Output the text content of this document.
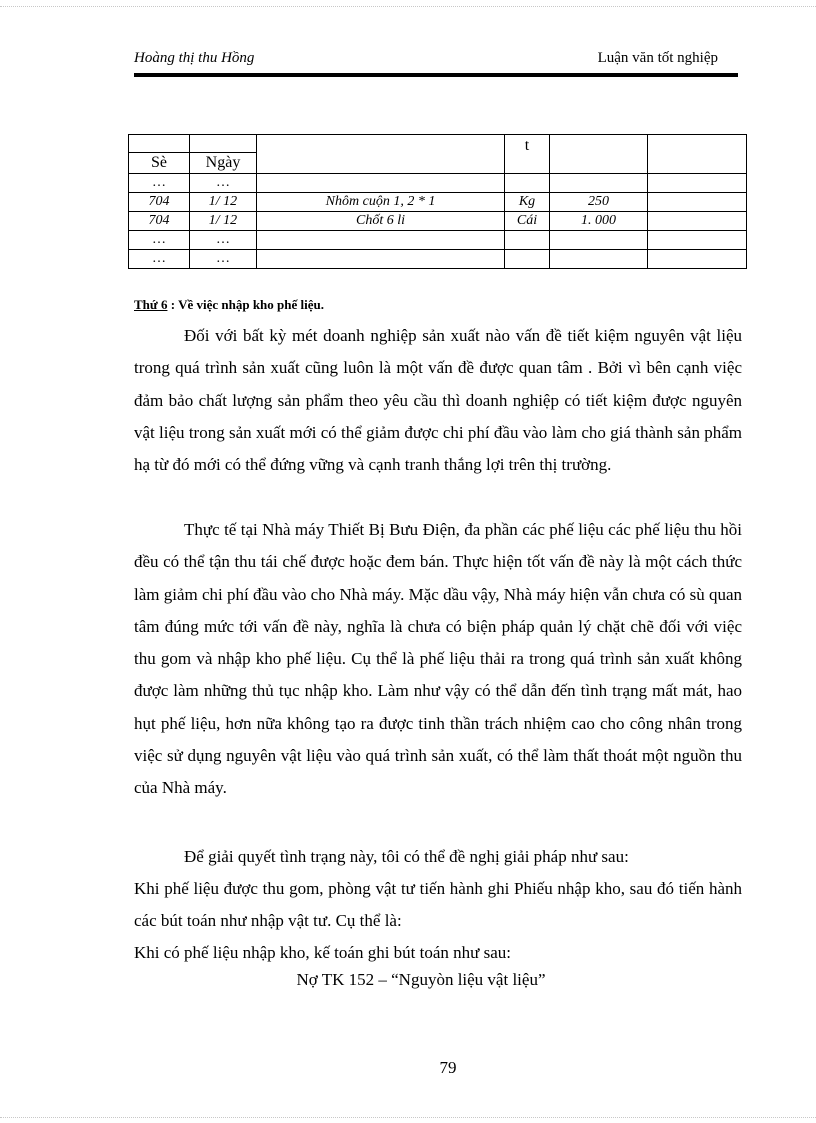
Hoàng thị thu Hồng	Luận văn tốt nghiệp
			t		
Sè	Ngày				
…	…				
704	1/ 12	Nhôm cuộn 1, 2 * 1	Kg	250	
704	1/ 12	Chốt 6 li	Cái	1. 000	
…	…				
…	…				
Thứ 6 : Về việc nhập kho phế liệu.

Đối với bất kỳ mét doanh nghiệp sản xuất nào vấn đề tiết kiệm nguyên vật liệu trong quá trình sản xuất cũng luôn là một vấn đề được quan tâm . Bởi vì bên cạnh việc đảm bảo chất lượng sản phẩm theo yêu cầu thì doanh nghiệp có tiết kiệm được nguyên vật liệu trong sản xuất mới có thể giảm được chi phí đầu vào làm cho giá thành sản phẩm hạ từ đó mới có thể đứng vững và cạnh tranh thắng lợi trên thị trường.

Thực tế tại Nhà máy Thiết Bị Bưu Điện, đa phần các phế liệu các phế liệu thu hồi đều có thể tận thu tái chế được hoặc đem bán. Thực hiện tốt vấn đề này là một cách thức làm giảm chi phí đầu vào cho Nhà máy. Mặc dầu vậy, Nhà máy hiện vẫn chưa có sù quan tâm đúng mức tới vấn đề này, nghĩa là chưa có biện pháp quản lý chặt chẽ đối với việc thu gom và nhập kho phế liệu. Cụ thể là phế liệu thải ra trong quá trình sản xuất không được làm những thủ tục nhập kho. Làm như vậy có thể dẫn đến tình trạng mất mát, hao hụt phế liệu, hơn nữa không tạo ra được tinh thần trách nhiệm cao cho công nhân trong việc sử dụng nguyên vật liệu vào quá trình sản xuất, có thể làm thất thoát một nguồn thu của Nhà máy.

Để giải quyết tình trạng này, tôi có thể đề nghị giải pháp như sau:

Khi phế liệu được thu gom, phòng vật tư tiến hành ghi Phiếu nhập kho, sau đó tiến hành các bút toán như nhập vật tư. Cụ thể là:

Khi có phế liệu nhập kho, kế toán ghi bút toán như sau:

Nợ TK 152 – “Nguyòn liệu vật liệu”
79
